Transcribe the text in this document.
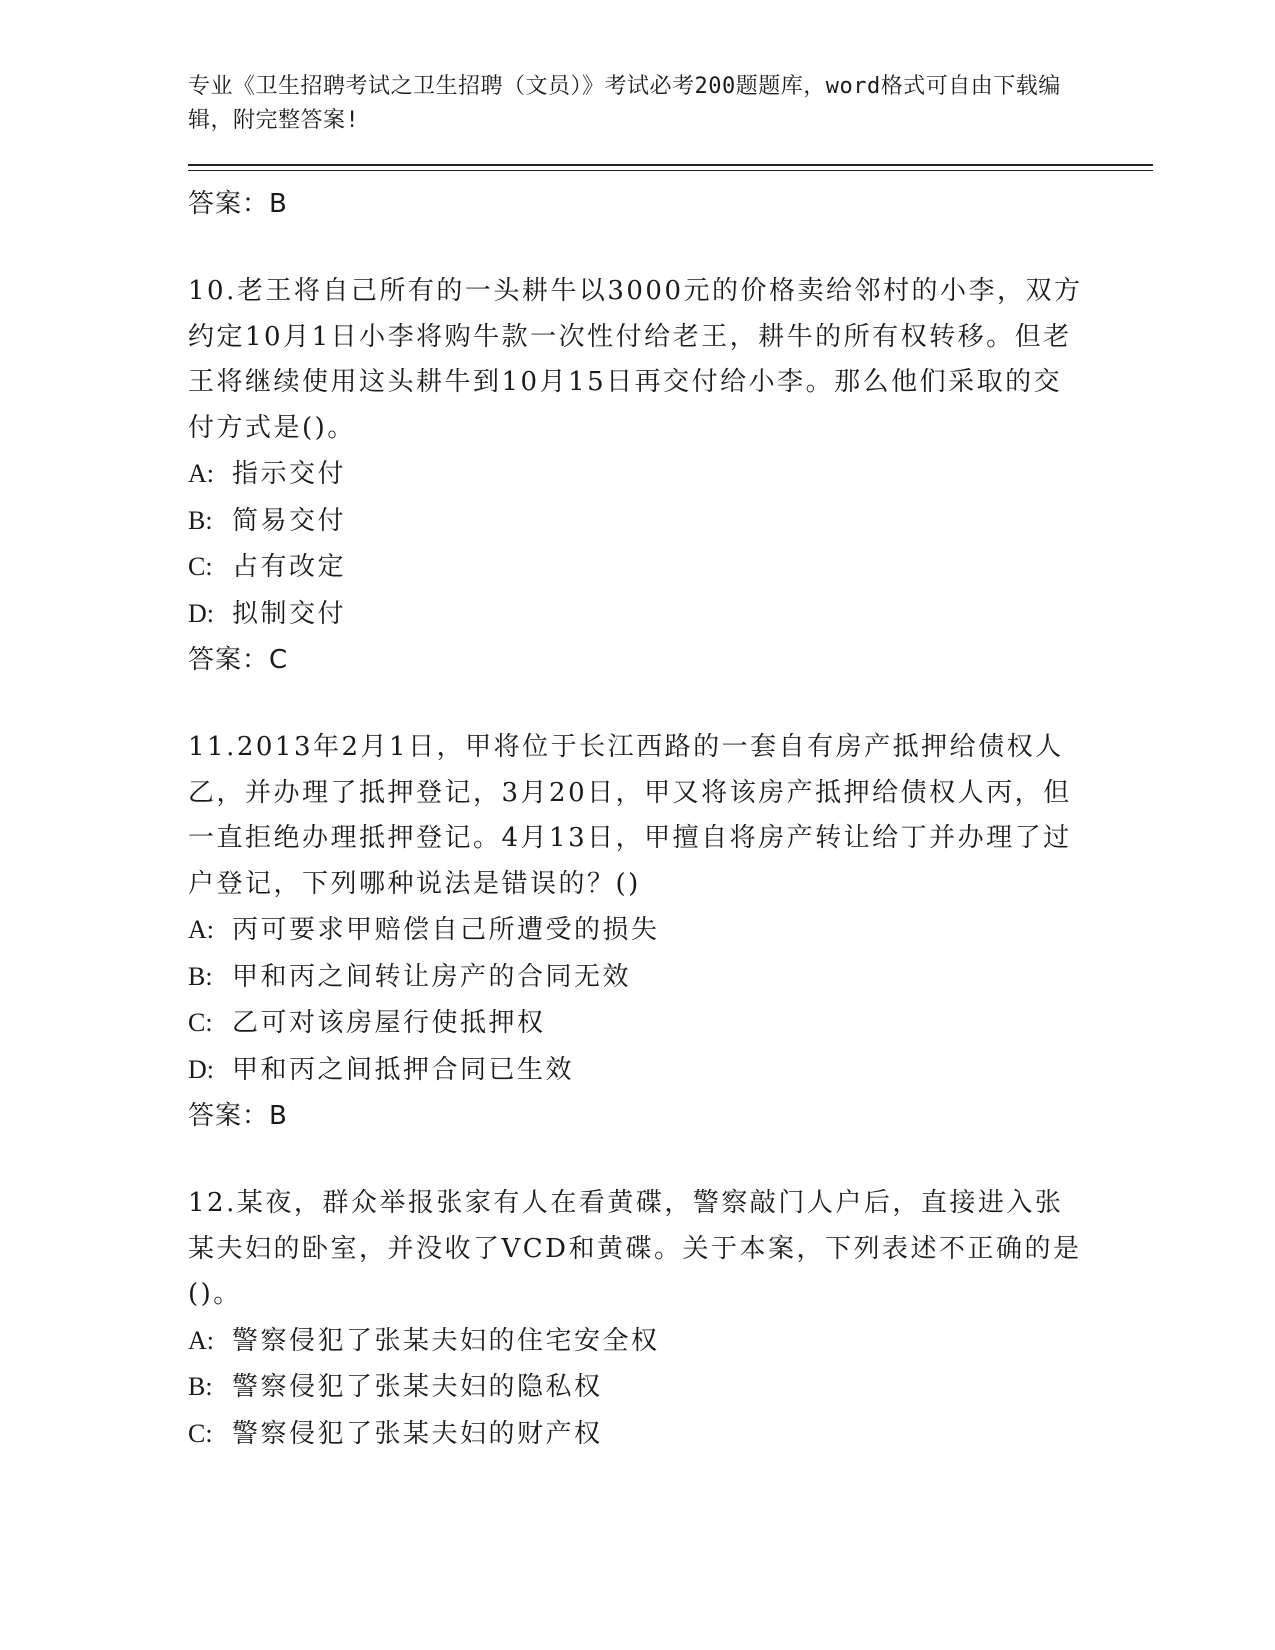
专业《卫生招聘考试之卫生招聘（文员）》考试必考200题题库，word格式可自由下载编辑，附完整答案!
答案：B
10.老王将自己所有的一头耕牛以3000元的价格卖给邻村的小李，双方约定10月1日小李将购牛款一次性付给老王，耕牛的所有权转移。但老王将继续使用这头耕牛到10月15日再交付给小李。那么他们采取的交付方式是()。
A: 指示交付
B: 简易交付
C: 占有改定
D: 拟制交付
答案：C
11.2013年2月1日，甲将位于长江西路的一套自有房产抵押给债权人乙，并办理了抵押登记，3月20日，甲又将该房产抵押给债权人丙，但一直拒绝办理抵押登记。4月13日，甲擅自将房产转让给丁并办理了过户登记，下列哪种说法是错误的？()
A: 丙可要求甲赔偿自己所遭受的损失
B: 甲和丙之间转让房产的合同无效
C: 乙可对该房屋行使抵押权
D: 甲和丙之间抵押合同已生效
答案：B
12.某夜，群众举报张家有人在看黄碟，警察敲门人户后，直接进入张某夫妇的卧室，并没收了VCD和黄碟。关于本案，下列表述不正确的是()。
A: 警察侵犯了张某夫妇的住宅安全权
B: 警察侵犯了张某夫妇的隐私权
C: 警察侵犯了张某夫妇的财产权
